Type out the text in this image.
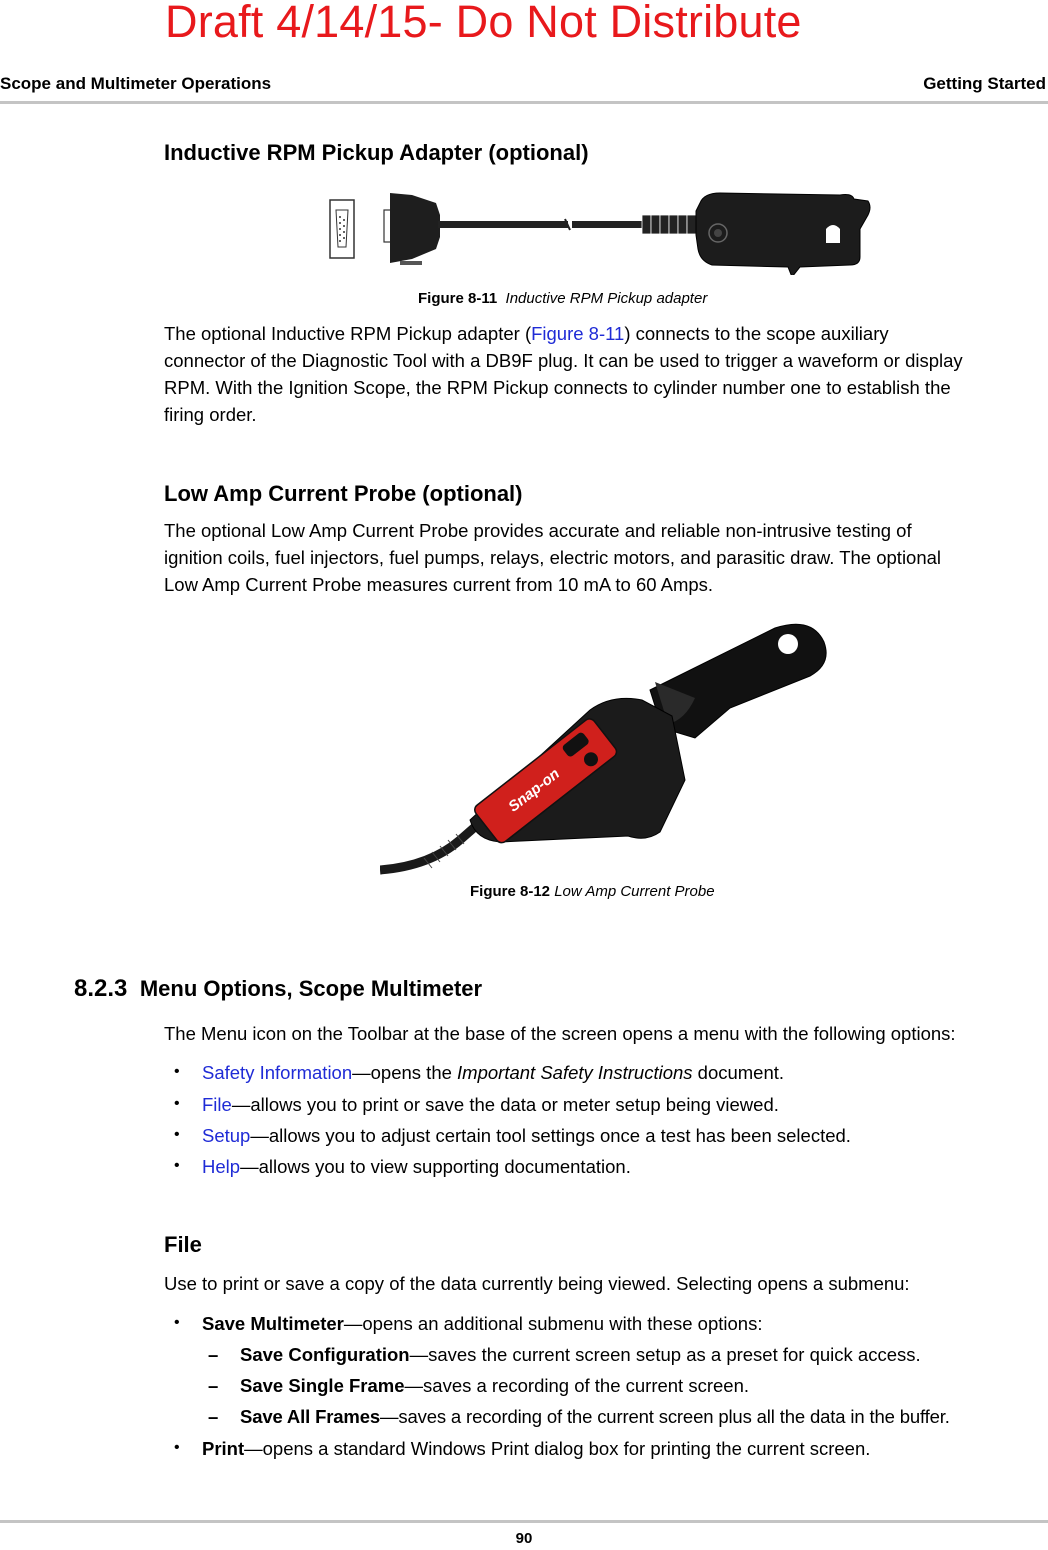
Draft 4/14/15- Do Not Distribute
Scope and Multimeter Operations	Getting Started
Inductive RPM Pickup Adapter (optional)
Figure 8-11 Inductive RPM Pickup adapter
The optional Inductive RPM Pickup adapter (Figure 8-11) connects to the scope auxiliary
connector of the Diagnostic Tool with a DB9F plug. It can be used to trigger a waveform or display
RPM. With the Ignition Scope, the RPM Pickup connects to cylinder number one to establish the
firing order.
Low Amp Current Probe (optional)
The optional Low Amp Current Probe provides accurate and reliable non-intrusive testing of
ignition coils, fuel injectors, fuel pumps, relays, electric motors, and parasitic draw. The optional
Low Amp Current Probe measures current from 10 mA to 60 Amps.
Snap-on
Figure 8-12 Low Amp Current Probe
8.2.3 Menu Options, Scope Multimeter
The Menu icon on the Toolbar at the base of the screen opens a menu with the following options:
• Safety Information—opens the Important Safety Instructions document.
• File—allows you to print or save the data or meter setup being viewed.
• Setup—allows you to adjust certain tool settings once a test has been selected.
• Help—allows you to view supporting documentation.
File
Use to print or save a copy of the data currently being viewed. Selecting opens a submenu:
• Save Multimeter—opens an additional submenu with these options:
– Save Configuration—saves the current screen setup as a preset for quick access.
– Save Single Frame—saves a recording of the current screen.
– Save All Frames—saves a recording of the current screen plus all the data in the buffer.
• Print—opens a standard Windows Print dialog box for printing the current screen.
90
